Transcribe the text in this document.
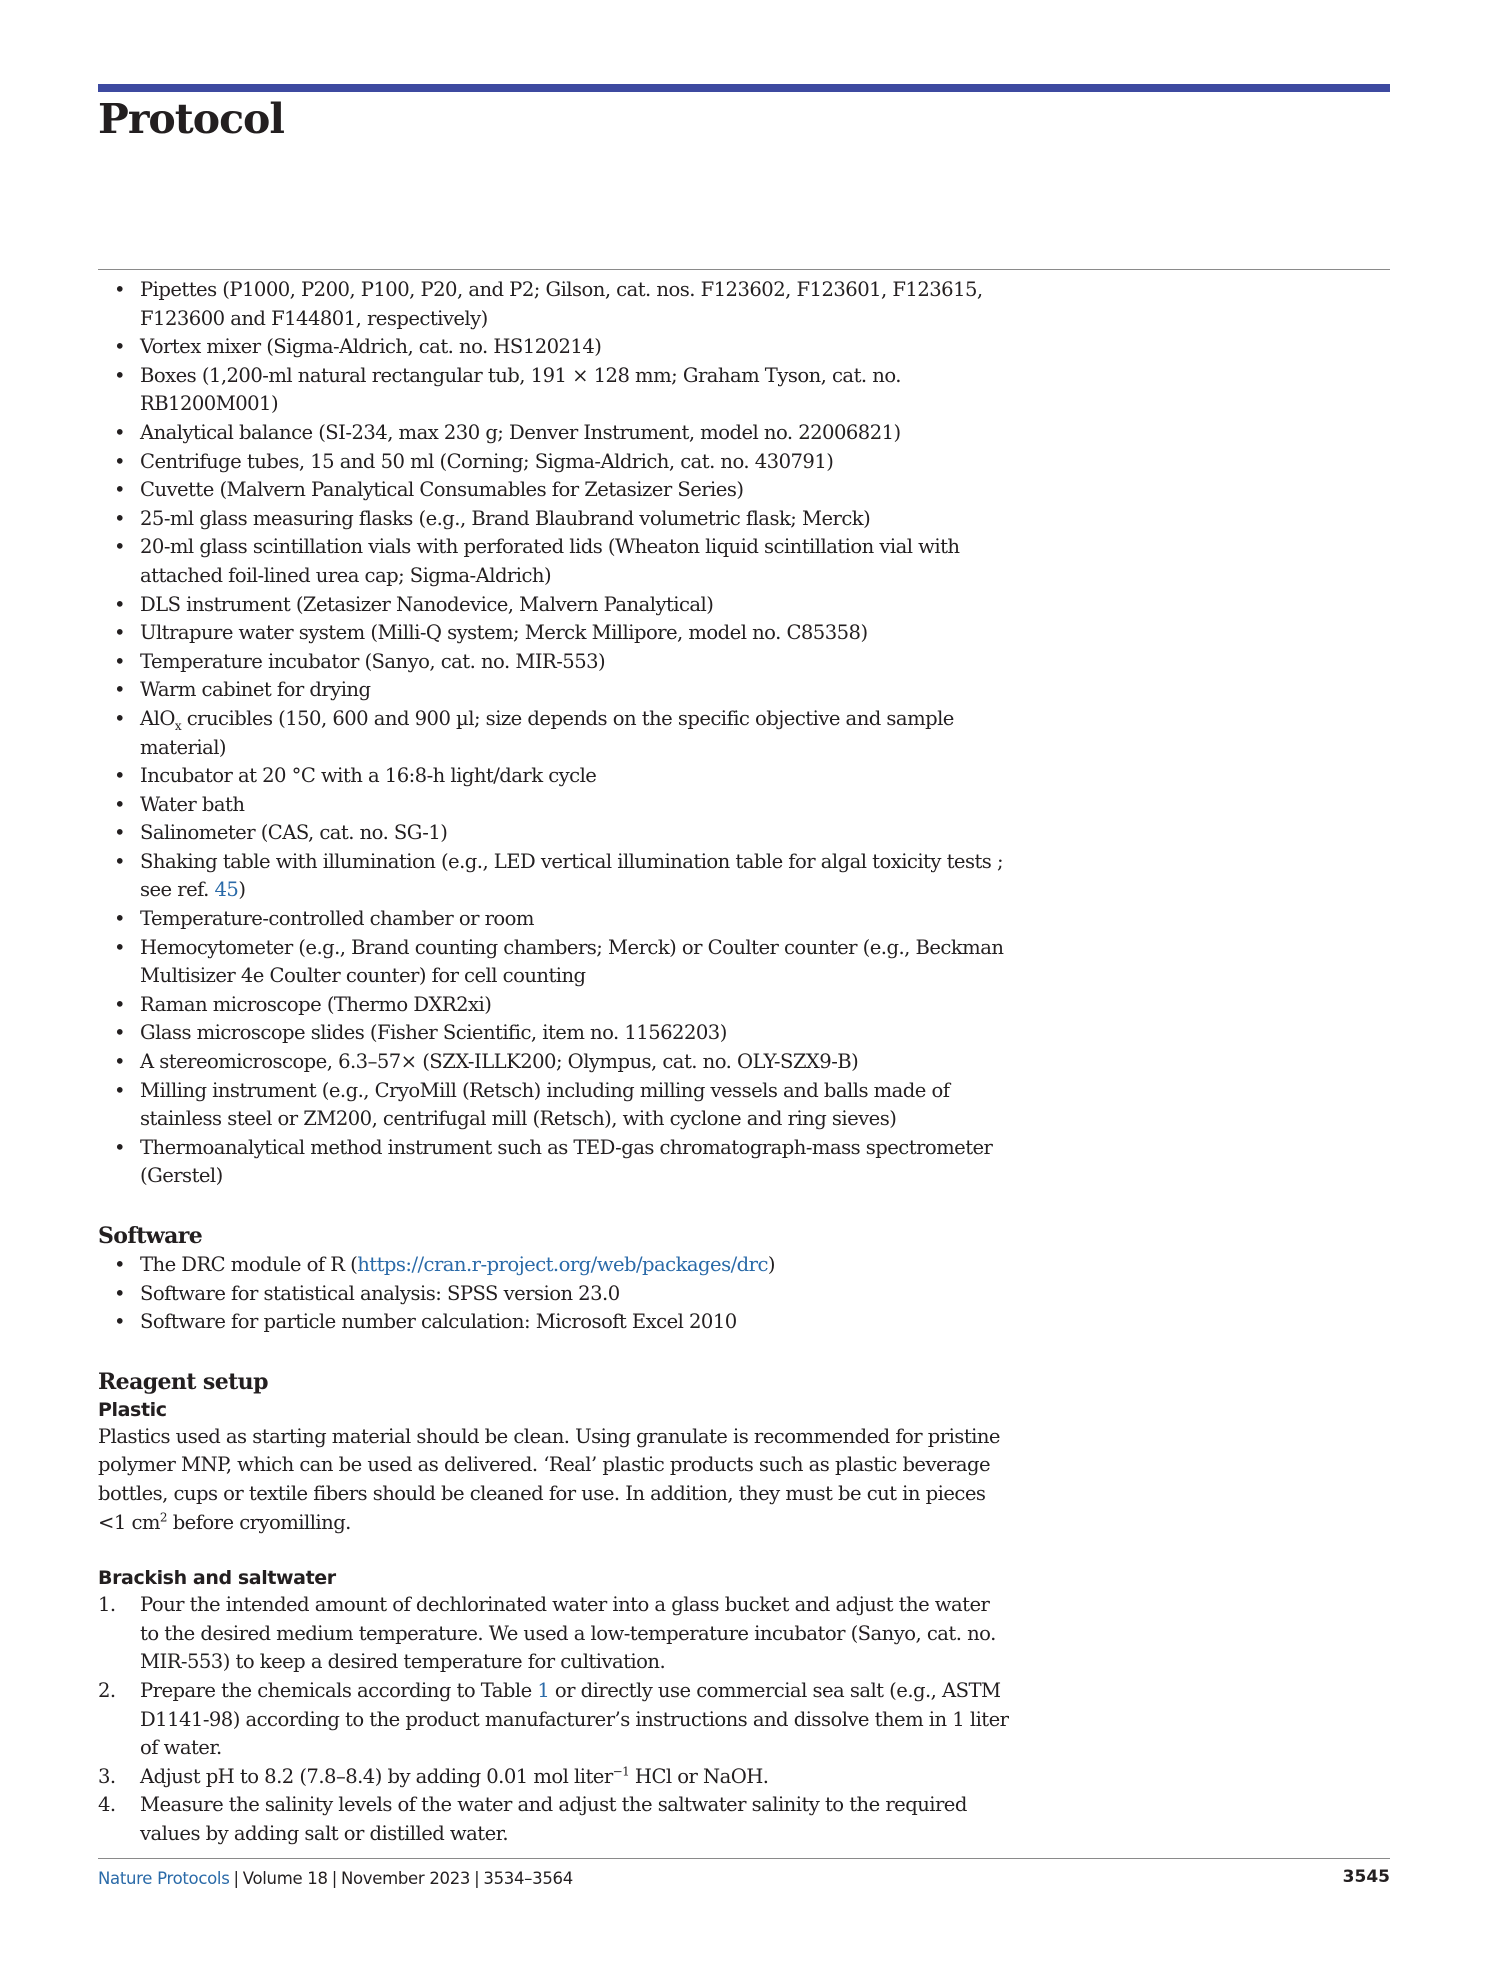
Protocol
• Pipettes (P1000, P200, P100, P20, and P2; Gilson, cat. nos. F123602, F123601, F123615,
F123600 and F144801, respectively)
• Vortex mixer (Sigma-Aldrich, cat. no. HS120214)
• Boxes (1,200-ml natural rectangular tub, 191 × 128 mm; Graham Tyson, cat. no.
RB1200M001)
• Analytical balance (SI-234, max 230 g; Denver Instrument, model no. 22006821)
• Centrifuge tubes, 15 and 50 ml (Corning; Sigma-Aldrich, cat. no. 430791)
• Cuvette (Malvern Panalytical Consumables for Zetasizer Series)
• 25-ml glass measuring flasks (e.g., Brand Blaubrand volumetric flask; Merck)
• 20-ml glass scintillation vials with perforated lids (Wheaton liquid scintillation vial with
attached foil-lined urea cap; Sigma-Aldrich)
• DLS instrument (Zetasizer Nanodevice, Malvern Panalytical)
• Ultrapure water system (Milli-Q system; Merck Millipore, model no. C85358)
• Temperature incubator (Sanyo, cat. no. MIR-553)
• Warm cabinet for drying
• AlO$_x$ crucibles (150, 600 and 900 µl; size depends on the specific objective and sample
material)
• Incubator at 20 °C with a 16:8-h light/dark cycle
• Water bath
• Salinometer (CAS, cat. no. SG-1)
• Shaking table with illumination (e.g., LED vertical illumination table for algal toxicity tests ;
see ref. 45)
• Temperature-controlled chamber or room
• Hemocytometer (e.g., Brand counting chambers; Merck) or Coulter counter (e.g., Beckman
Multisizer 4e Coulter counter) for cell counting
• Raman microscope (Thermo DXR2xi)
• Glass microscope slides (Fisher Scientific, item no. 11562203)
• A stereomicroscope, 6.3–57× (SZX-ILLK200; Olympus, cat. no. OLY-SZX9-B)
• Milling instrument (e.g., CryoMill (Retsch) including milling vessels and balls made of
stainless steel or ZM200, centrifugal mill (Retsch), with cyclone and ring sieves)
• Thermoanalytical method instrument such as TED-gas chromatograph-mass spectrometer
(Gerstel)
Software
• The DRC module of R (https://cran.r-project.org/web/packages/drc)
• Software for statistical analysis: SPSS version 23.0
• Software for particle number calculation: Microsoft Excel 2010
Reagent setup
Plastic

Plastics used as starting material should be clean. Using granulate is recommended for pristine
polymer MNP, which can be used as delivered. ‘Real’ plastic products such as plastic beverage
bottles, cups or textile fibers should be cleaned for use. In addition, they must be cut in pieces
<1 $cm^2$ before cryomilling.

Brackish and saltwater
1. Pour the intended amount of dechlorinated water into a glass bucket and adjust the water
to the desired medium temperature. We used a low-temperature incubator (Sanyo, cat. no.
MIR-553) to keep a desired temperature for cultivation.
2. Prepare the chemicals according to Table 1 or directly use commercial sea salt (e.g., ASTM
D1141-98) according to the product manufacturer’s instructions and dissolve them in 1 liter
of water.
3. Adjust pH to 8.2 (7.8–8.4) by adding 0.01 mol liter$^{-1}$ HCl or NaOH.
4. Measure the salinity levels of the water and adjust the saltwater salinity to the required
values by adding salt or distilled water.
Nature Protocols | Volume 18 | November 2023 | 3534–3564	3545
